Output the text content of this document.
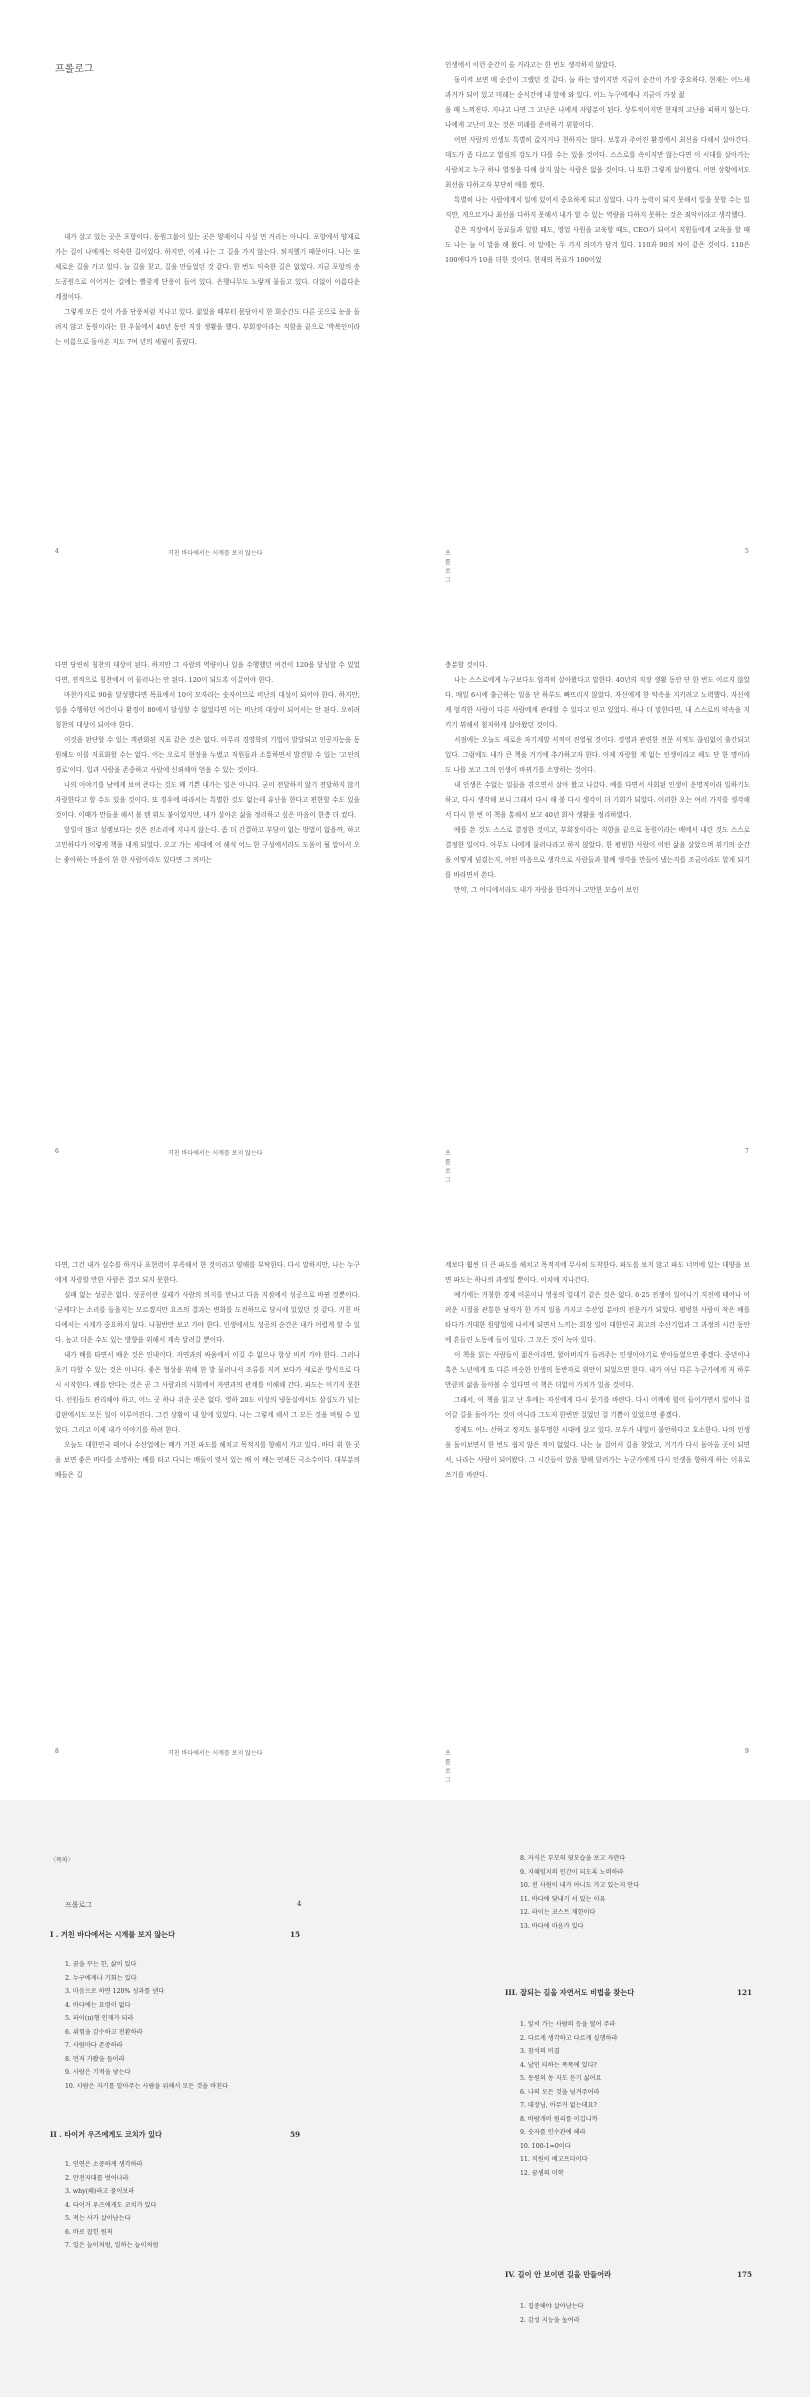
프롤로그

내가 살고 있는 곳은 포항이다. 동원그룹이 있는 곳은 양재이니 사실 먼 거리는 아니다. 포항에서 양재로 가는 길이 나에게는 익숙한 길이었다. 하지만, 이제 나는 그 길을 가지 않는다. 퇴직했기 때문이다. 나는 또 새로운 길을 가고 있다. 늘 길을 찾고, 길을 만들었던 것 같다. 한 번도 익숙한 길은 없었다. 지금 포항의 송도공원으로 이어지는 길에는 빨갛게 단풍이 들어 있다. 은행나무도 노랗게 물들고 있다. 더없이 아름다운 계절이다.

그렇게 모든 것이 가을 단풍처럼 지나고 있다. 젊었을 때부터 몸담아서 한 회순간도 다른 곳으로 눈을 돌려지 않고 동원이라는 한 우물에서 40년 동안 직장 생활을 했다. 부회장이라는 직함을 끝으로 '박복인이라는 이름으로 돌아온 지도 7여 년의 세월이 흘렀다.

4	거친 바다에서는 시계를 보지 않는다

인생에서 이런 순간이 올 거라고는 한 번도 생각하지 않았다.

돌이켜 보면 매 순간이 그랬던 것 같다. 늘 하는 말이지만 지금이 순간이 가장 중요하다. 현재는 어느새 과거가 되어 있고 미래는 순식간에 내 앞에 와 있다. 어느 누구에게나 지금이 가장 젊

을 때 느껴진다. 지나고 나면 그 고난은 나에게 자양분이 된다. 상투적이지만 현재의 고난을 피하지 않는다. 나에게 고난이 오는 것은 미래를 준비하기 위함이다.

어떤 사람의 인생도 특별히 값지거나 천하지는 않다. 보통과 주어진 환경에서 최선을 다해서 살아간다. 대도가 좀 다르고 열심의 강도가 다를 수는 있을 것이다. 스스로를 속이지만 않는다면 이 시대를 살아가는 사람치고 누구 하나 열정을 다해 살지 않는 사람은 없을 것이다. 나 또한 그렇게 살아왔다. 어떤 상황에서도 최선을 다하고자 부단히 애를 썼다.

특별히 나는 사람에게서 일에 있어서 중요하게 되고 싶었다. 나가 능력이 되지 못해서 일을 못할 수는 있지만, 게으르거나 최선을 다하지 못해서 내가 할 수 있는 역량을 다하지 못하는 것은 죄악이라고 생각했다.

같은 직장에서 동료들과 일할 때도, 영업 사원을 교육할 때도, CEO가 되어서 직원들에게 교육을 할 때도 나는 늘 이 말을 해 왔다. 이 말에는 두 가지 의미가 담겨 있다. 110과 90의 차이 같은 것이다. 110은 100에다가 10을 더한 것이다. 현재의 목표가 100이었

프롤로그
5

다면 당연히 칭찬의 대상이 된다. 하지만 그 사람의 역량이나 일을 수행했던 여건이 120을 달성할 수 있었다면, 전적으로 칭찬에서 어 물러나는 안 된다. 120이 되도록 이끌어야 한다.

마찬가지로 90을 달성했다면 목표에서 10이 모자라는 숫자이므로 비난의 대상이 되어야 한다. 하지만, 일을 수행하던 여건이나 환경이 80에서 달성할 수 없었다면 이는 비난의 대상이 되어서는 안 된다. 오히려 칭찬의 대상이 되어야 한다.

이것을 판단할 수 있는 객관화된 지표 같은 것은 없다. 아무리 경영학의 기법이 발달되고 인공지능을 동원해도 이를 지표화할 수는 없다. 이는 오로지 현장을 누볐고 직원들과 소통하면서 발견할 수 있는 '고인의 경로'이다. 입과 사람을 존중하고 사람에 신뢰해야 얻을 수 있는 것이다.

나의 이야기를 남에게 보여 준다는 것도 꽤 기쁜 내가는 일은 아니다. 굳이 전달하지 않기 전달하지 않기 자랑한다고 할 수도 있을 것이다. 또 경우에 따라서는 특별한 것도 없는데 유난을 한다고 편한할 수도 있을 것이다. 이때가 만들을 해서 볼 텐 위도 붙이었지만, 내가 살아온 삶을 정리하고 싶은 마음이 한층 더 컸다.

앞일이 많고 설렘보다는 것은 전소리에 지나지 않는다. 좀 더 간결하고 부담이 없는 방법이 없을까, 하고 고민하다가 이렇게 책을 내게 되었다. 오고 가는 세대에 어 해석 어느 한 구성에서라도 도움이 될 알아서 오는 좋아하는 마음이 한 한 사람이라도 있다면 그 의미는

6	거친 바다에서는 시계를 보지 않는다

충분할 것이다.

나는 스스로에게 누구보다도 엄격히 살아왔다고 말한다. 40년의 직장 생활 동안 단 한 번도 이르지 않았다. 매일 6시에 출근하는 일을 단 하루도 빠뜨리지 않았다. 자신에게 한 약속을 지키려고 노력했다. 자신에게 엄격한 사람이 다른 사람에게 관대할 수 있다고 믿고 있었다. 하나 더 말한다면, 내 스스로의 약속을 지키기 위해서 철저하게 살아왔던 것이다.

서점에는 오늘도 새로운 자기계발 서적이 진열될 것이다. 경영과 관련한 전문 서적도 끊임없이 출간되고 있다. 그럼에도 내가 큰 책을 거기에 추가하고자 한다. 이제 자랑할 게 없는 인생이라고 해도 단 한 명이라도 나를 보고 그의 인생이 바뀌기를 소망하는 것이다.

내 인생은 수없는 일들을 겪으면서 살아 왔고 나갔다. 예를 다면서 사회된 인생이 운명적이라 일하기도 하고, 다시 생각해 보니 그래서 다시 해 볼 다시 생각이 더 기회가 되었다. 이러한 오는 여러 가지를 생각해서 다시 한 번 이 책을 통해서 보고 40년 회사 생활을 정리하였다.

예를 쓴 것도 스스로 결정한 것이고, 부회장이라는 직함을 끝으로 동원이라는 배에서 내린 것도 스스로 결정한 일이다. 아무도 나에게 물러나라고 하지 않았다. 한 평범한 사람이 어떤 삶을 살았으며 위기의 순간을 어떻게 넘겼는지, 어떤 마음으로 생각으로 사람들과 함께 생각을 만들어 냈는지를 조금이라도 알게 되기를 바라면서 쓴다.

만약, 그 어디에서라도 내가 자랑을 한다거나 고만한 모습이 보인

프롤로그
7

다면, 그건 내가 실수를 하거나 표현력이 부족해서 한 것이라고 양해를 부탁한다. 다시 말하지만, 나는 누구에게 자랑할 만한 사람은 결코 되지 못한다.

실패 없는 성공은 없다. 성공이란 실패가 사람의 의지를 만나고 다음 지점에서 성공으로 바뀐 것뿐이다. '굳세다'는 소리를 들을지는 모르겠지만 요즈의 결과는 변화를 도전하므로 당시에 있었던 것 같다. 거친 바다에서는 시계가 중요하지 않다. 나침반만 보고 가야 한다. 인생에서도 성공의 순간은 내가 어렵게 할 수 있다. 높고 더운 수도 있는 방향을 위해서 계속 달려갈 뿐이다.

내가 배를 타면서 배운 것은 인내이다. 자연과의 싸움에서 이길 수 없으나 항상 비켜 가야 한다. 그러나 포기 다할 수 있는 것은 아니다. 좋은 협상을 위해 한 발 물러나서 조류를 지켜 보다가 새로운 방식으로 다시 시작한다. 배를 탄다는 것은 곧 그 사람과의 사회에서 자연과의 관계를 이해해 간다. 파도는 이기지 못한다. 선원들도 관리해야 하고, 어느 곳 하나 쉬운 곳은 없다. 영하 20도 이상의 냉동실에서도 삼십도가 넘는 갑판에서도 모든 일이 이루어진다. 그건 상황이 내 앞에 있었다. 나는 그렇게 해서 그 모든 것을 버틸 수 있었다. 그리고 이제 내가 이야기를 하려 한다.

오늘도 대한민국 태어나 수산업에는 배가 거친 파도를 헤치고 목적지를 향해서 가고 있다. 바다 위 한 곳을 보면 좋은 바다를 소망하는 배를 타고 다니는 배들이 맞서 있는 배 이 배는 언제든 극소수이다. 대부분의 배들은 길

8	거친 바다에서는 시계를 보지 않는다

계보다 훨씬 더 큰 파도를 헤치고 목적지에 무사히 도착한다. 파도를 보지 않고 파도 너머에 있는 대양을 보면 파도는 하나의 과정일 뿐이다. 이치에 지나간다.

예기에는 거창한 경제 이론이나 영웅의 일대기 같은 것은 없다. 6·25 전쟁이 일어나기 직전에 태어나 어려운 시절을 관통한 남자가 한 가지 일을 가지고 수산업 분야의 전문가가 되었다. 평범한 사람이 작은 배를 타다가 거대한 원양업에 나서게 되면서 느끼는 회장 일이 대한민국 최고의 수산기업과 그 과정의 시간 동안에 흔들린 노동에 들어 있다. 그 모든 것이 녹아 있다.

이 책을 읽는 사람들이 젊은이라면, 할아버지가 들려주는 인생이야기로 받아들였으면 좋겠다. 중년이나 혹은 노년에게 또 다른 비슷한 인생의 동반자로 위안이 되었으면 한다. 내가 아닌 다른 누군가에게 저 하루만큼의 삶을 돌아볼 수 있다면 이 책은 더없이 가치가 있을 것이다.

그래서, 이 책을 읽고 난 후에는 자신에게 다시 묻기를 바란다. 다시 어깨에 힘이 들어가면서 일어나 걸어갈 길을 돌아가는 것이 아니라 그도저 한번만 걸었던 걸 기쁨이 있었으면 좋겠다.

경제도 어느 산하고 정지도 불투명한 시대에 살고 있다. 모두가 내일이 불안하다고 호소한다. 나의 인생을 돌이보면서 한 번도 쉽지 않은 적이 없었다. 나는 늘 걸어서 길을 찾았고, 거기가 다시 돌아올 곳이 되면서, 나라는 사람이 되어왔다. 그 시간들이 앞을 향해 달려가는 누군가에게 다시 인생을 향하게 하는 이유로 쓰기를 바란다.

프롤로그
9
〈목차〉
프롤로그	4
I . 거친 바다에서는 시계를 보지 않는다	15
1. 꿈을 꾸는 한, 삶이 있다
2. 누구에게나 기회는 있다
3. 마음으로 하면 120% 성과를 낸다
4. 바다에는 요령이 없다
5. 파이(π)형 인재가 되라
6. 위험을 감수하고 전환하라
7. 사람마다 존중하라
8. 먼저 가봤을 들어라
9. 사람은 기적을 낳는다
10. 사람은 자기를 알아주는 사람을 위해서 모든 것을 바친다
II . 타이거 우즈에게도 코치가 있다	59
1. 인연은 소중하게 생각하라
2. 안전지대를 벗어나라
3. why(왜)라고 물어보라
4. 타이거 우즈에게도 코치가 있다
5. 적는 사가 살아남는다
6. 바로 잡힌 원칙
7. 일은 늘이처럼, 일하는 늘이처럼
8. 자식은 부모의 뒷모습을 보고 자란다
9. 지혜임지의 인간이 되도록 노력하라
10. 전 사원이 내가 아니도 가고 있는지 안다
11. 바다에 닻내기 서 있는 이유
12. 라이는 코스트 재한이다
13. 바다에 마음가 있다
III. 잘되는 길을 자연서도 비법을 찾는다	121
1. 앞서 가는 사람의 등을 떨어 주라
2. 다르게 생각하고 다르게 실행하라
3. 참석의 비결
4. 날인 티하는 폭폭에 있다?
5. 동원의 동 자도 듣기 싫어요
6. 나의 모든 것을 넘겨주어라
7. 대장님, 아무거 없는데요?
8. 바람개비 원리를 이깁니까
9. 숫자를 인수관에 해라
10. 100-1=0이다
11. 직원이 배고프더이다
12. 꿈셈의 미학
IV. 길이 안 보이면 길을 만들어라	175
1. 집중해야 살아남는다
2. 감성 지능을 높여라
